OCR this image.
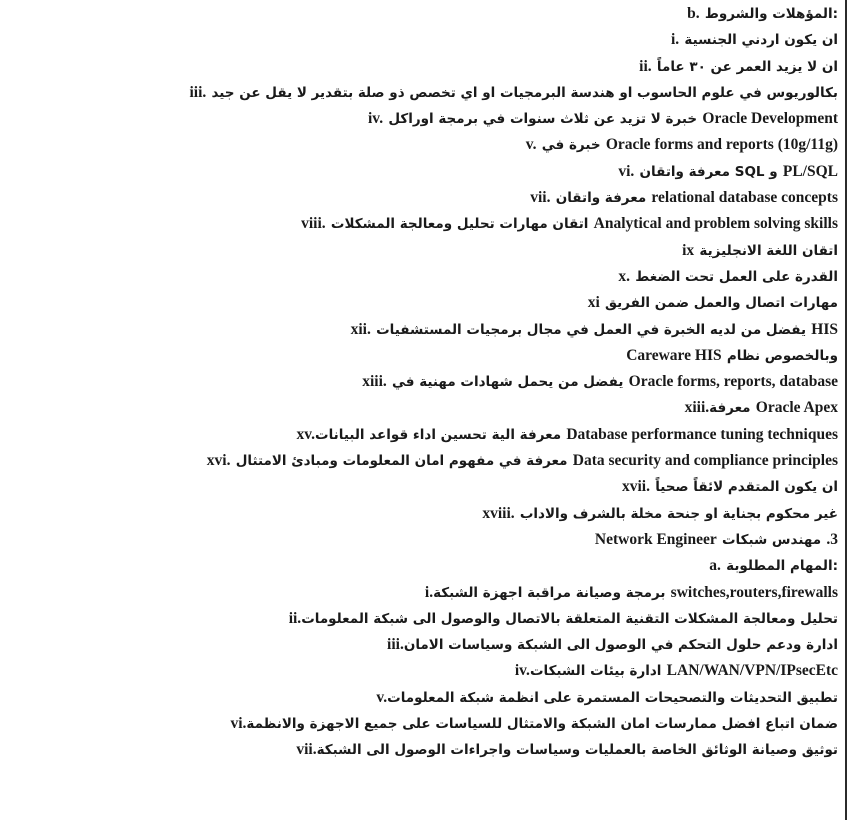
b. المؤهلات والشروط:
i. ان يكون اردني الجنسية
ii. ان لا يزيد العمر عن ٣٠ عاماً
iii. بكالوريوس في علوم الحاسوب او هندسة البرمجيات او اي تخصص ذو صلة بتقدير لا يقل عن جيد
iv. خبرة لا تزيد عن ثلاث سنوات في برمجة اوراكل Oracle Development
v. خبرة في Oracle forms and reports (10g/11g)
vi. معرفة واتقان SQL و PL/SQL
vii. معرفة واتقان relational database concepts
viii. اتقان مهارات تحليل ومعالجة المشكلات Analytical and problem solving skills
ix اتقان اللغة الانجليزية
x. القدرة على العمل تحت الضغط
xi مهارات اتصال والعمل ضمن الفريق
xii. يفضل من لديه الخبرة في العمل في مجال برمجيات المستشفيات HIS
وبالخصوص نظام Careware HIS
xiii. يفضل من يحمل شهادات مهنية في Oracle forms, reports, database
xiii.معرفة Oracle Apex
xv.معرفة الية تحسين اداء قواعد البيانات Database performance tuning techniques
xvi. معرفة في مفهوم امان المعلومات ومبادئ الامتثال Data security and compliance principles
xvii. ان يكون المتقدم لائقاً صحياً
xviii. غير محكوم بجناية او جنحة مخلة بالشرف والاداب
3. مهندس شبكات Network Engineer
a. المهام المطلوبة:
i.برمجة وصيانة مراقبة اجهزة الشبكة switches,routers,firewalls
ii.تحليل ومعالجة المشكلات التقنية المتعلقة بالاتصال والوصول الى شبكة المعلومات
iii.ادارة ودعم حلول التحكم في الوصول الى الشبكة وسياسات الامان
iv.ادارة بيئات الشبكات LAN/WAN/VPN/IPsecEtc
v.تطبيق التحديثات والتصحيحات المستمرة على انظمة شبكة المعلومات
vi.ضمان اتباع افضل ممارسات امان الشبكة والامتثال للسياسات على جميع الاجهزة والانظمة
vii.توثيق وصيانة الوثائق الخاصة بالعمليات وسياسات واجراءات الوصول الى الشبكة
